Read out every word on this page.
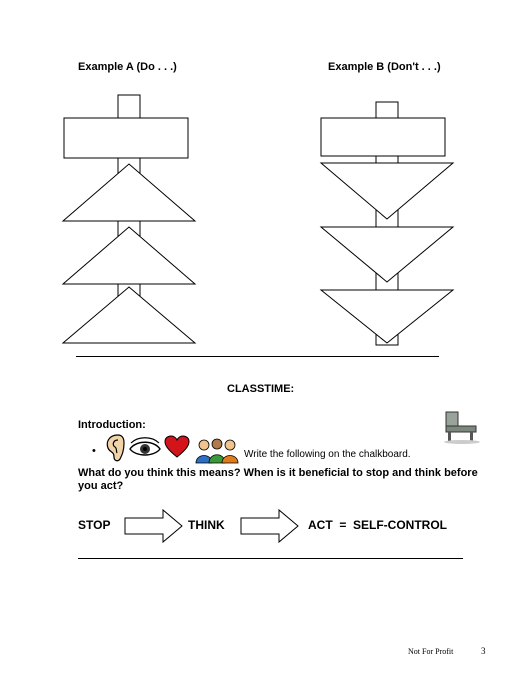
Example A (Do . . .)	Example B (Don't . . .)
CLASSTIME:
Introduction:
•	Write the following on the chalkboard.
What do you think this means? When is it beneficial to stop and think before you act?
STOP	THINK	ACT  =  SELF-CONTROL
Not For Profit	3
